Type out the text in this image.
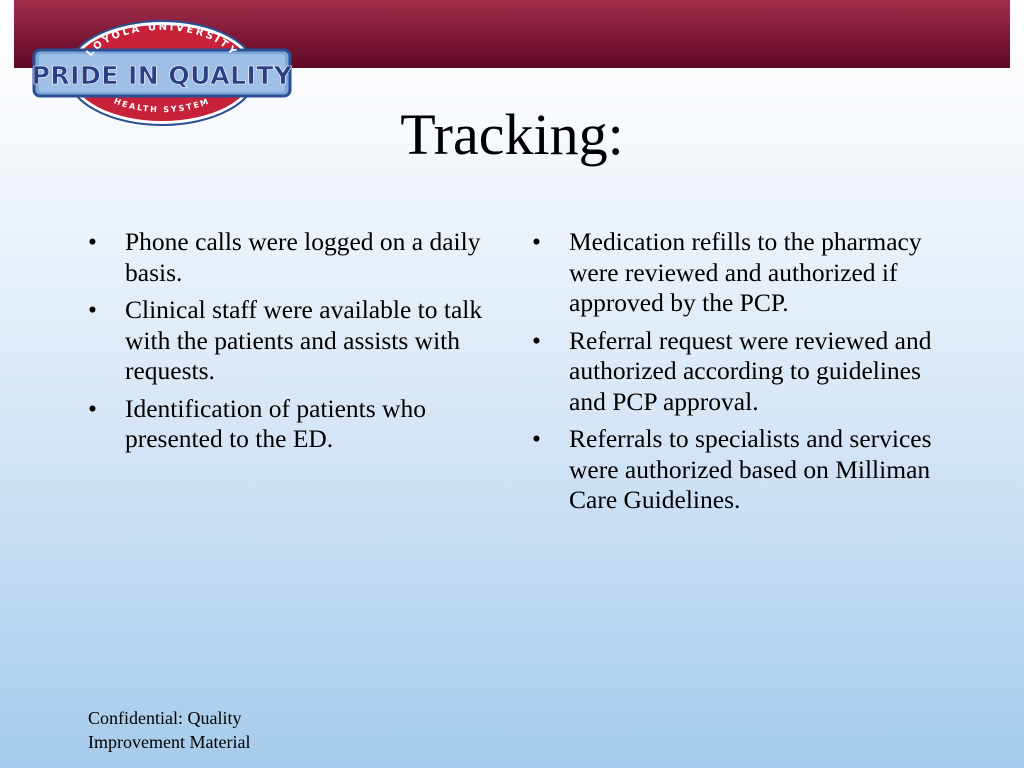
LOYOLA UNIVERSITY
PRIDE IN QUALITY
HEALTH SYSTEM	Tracking:
• Phone calls were logged on a daily basis.
• Clinical staff were available to talk with the patients and assists with requests.
• Identification of patients who presented to the ED.
• Medication refills to the pharmacy were reviewed and authorized if approved by the PCP.
• Referral request were reviewed and authorized according to guidelines and PCP approval.
• Referrals to specialists and services were authorized based on Milliman Care Guidelines.
Confidential: Quality
Improvement Material
